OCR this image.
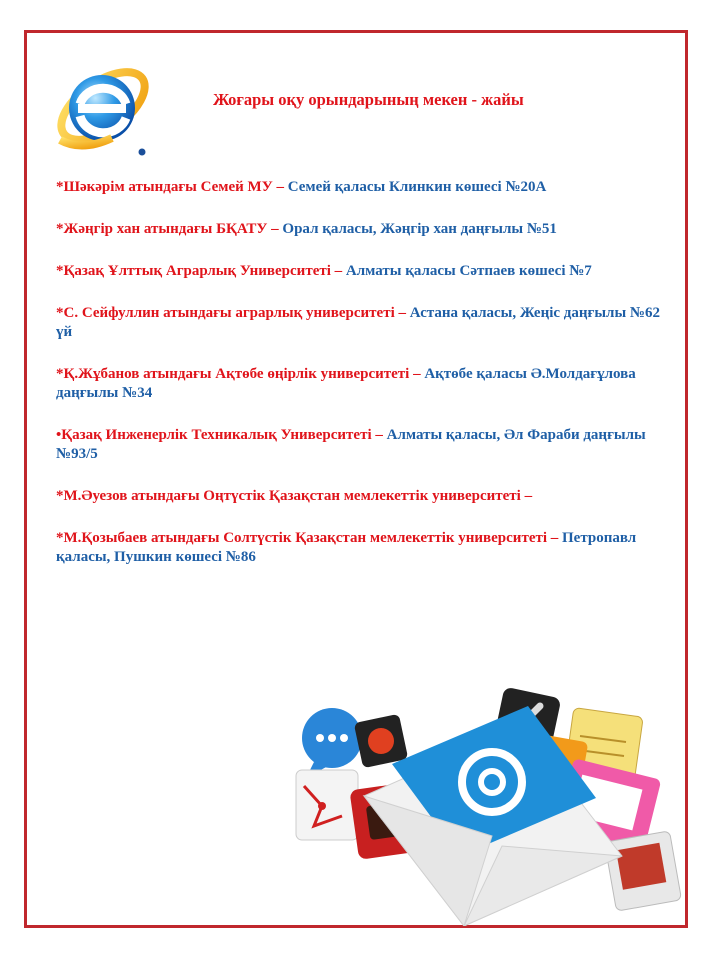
Жоғары оқу орындарының мекен - жайы
*Шәкәрім атындағы Семей МУ – Семей қаласы Клинкин көшесі №20А
*Жәңгір хан атындағы БҚАТУ – Орал қаласы, Жәңгір хан даңғылы №51
*Қазақ Ұлттық Аграрлық Университеті – Алматы қаласы Сәтпаев көшесі №7
*С. Сейфуллин атындағы аграрлық университеті – Астана қаласы, Жеңіс даңғылы №62 үй
*Қ.Жұбанов атындағы Ақтөбе өңірлік университеті – Ақтөбе қаласы Ә.Молдағұлова даңғылы №34
•Қазақ Инженерлік Техникалық Университеті – Алматы қаласы, Әл Фараби даңғылы №93/5
*М.Әуезов атындағы Оңтүстік Қазақстан мемлекеттік университеті –
*М.Қозыбаев атындағы Солтүстік Қазақстан мемлекеттік университеті – Петропавл қаласы, Пушкин көшесі №86
